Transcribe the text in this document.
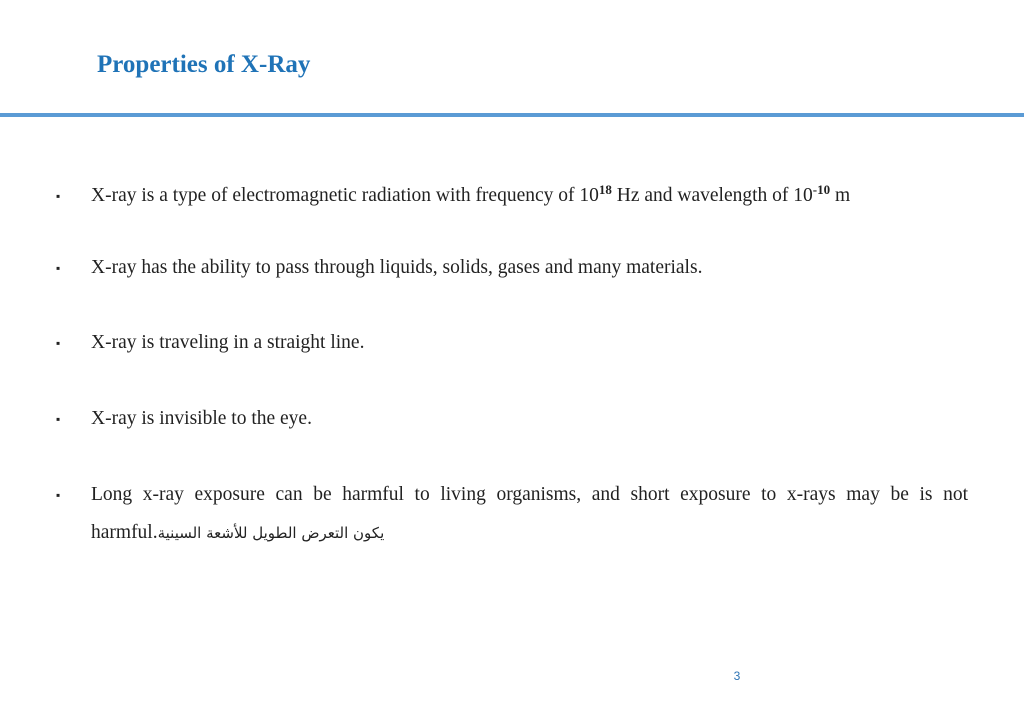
Properties of X-Ray
▪ X-ray is a type of electromagnetic radiation with frequency of $10^{18}$ Hz and wavelength of $10^{-10}$ m
▪ X-ray has the ability to pass through liquids, solids, gases and many materials.
▪ X-ray is traveling in a straight line.
▪ X-ray is invisible to the eye.
▪ Long x-ray exposure can be harmful to living organisms, and short exposure to x-rays may be is not harmful.يكون التعرض الطويل للأشعة السينية
3
